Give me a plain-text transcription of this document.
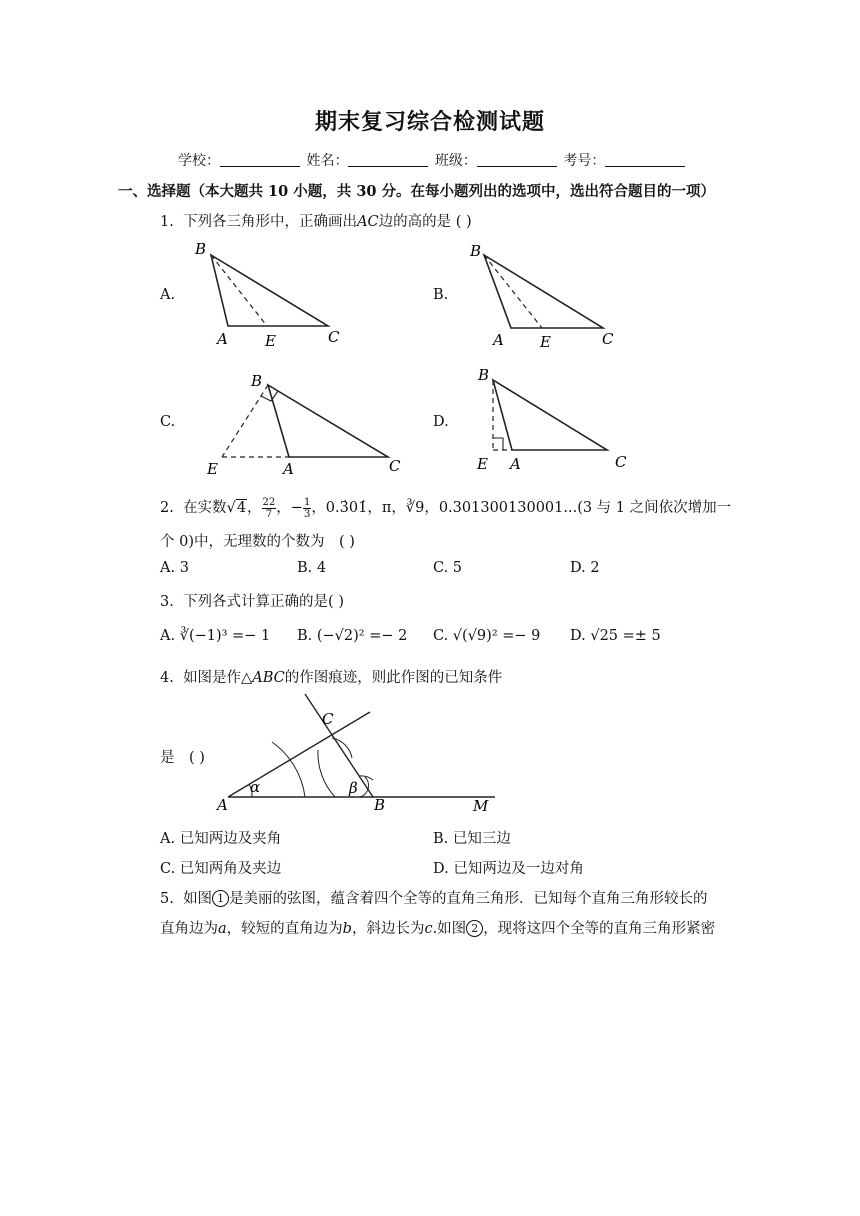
期末复习综合检测试题
学校：	姓名：	班级：	考号：
一、选择题（本大题共 10 小题，共 30 分。在每小题列出的选项中，选出符合题目的一项）
1. 下列各三角形中，正确画出AC边的高的是 ( )
A.	B.
C.	D.
B
A E	C
B
A E	C
B
E	A	C
B
E A	C
2. 在实数√4， $\frac{22}{7}$ ，− $\frac{1}{3}$ ，0.3̇01̇，π，∛9，0.301300130001...(3 与 1 之间依次增加一
个 0)中，无理数的个数为　( )
A. 3	B. 4	C. 5	D. 2
3. 下列各式计算正确的是( )
A. ∛(−1)³ =− 1 B. (−√2)² =− 2 C. √(√9)² =− 9 D. √25 =± 5
4. 如图是作△ABC的作图痕迹，则此作图的已知条件
是　( )
A	B
C
M
α	β
A. 已知两边及夹角	B. 已知三边
C. 已知两角及夹边	D. 已知两边及一边对角
5. 如图 1 是美丽的弦图，蕴含着四个全等的直角三角形．已知每个直角三角形较长的
直角边为a，较短的直角边为b，斜边长为c.如图 2 ，现将这四个全等的直角三角形紧密
